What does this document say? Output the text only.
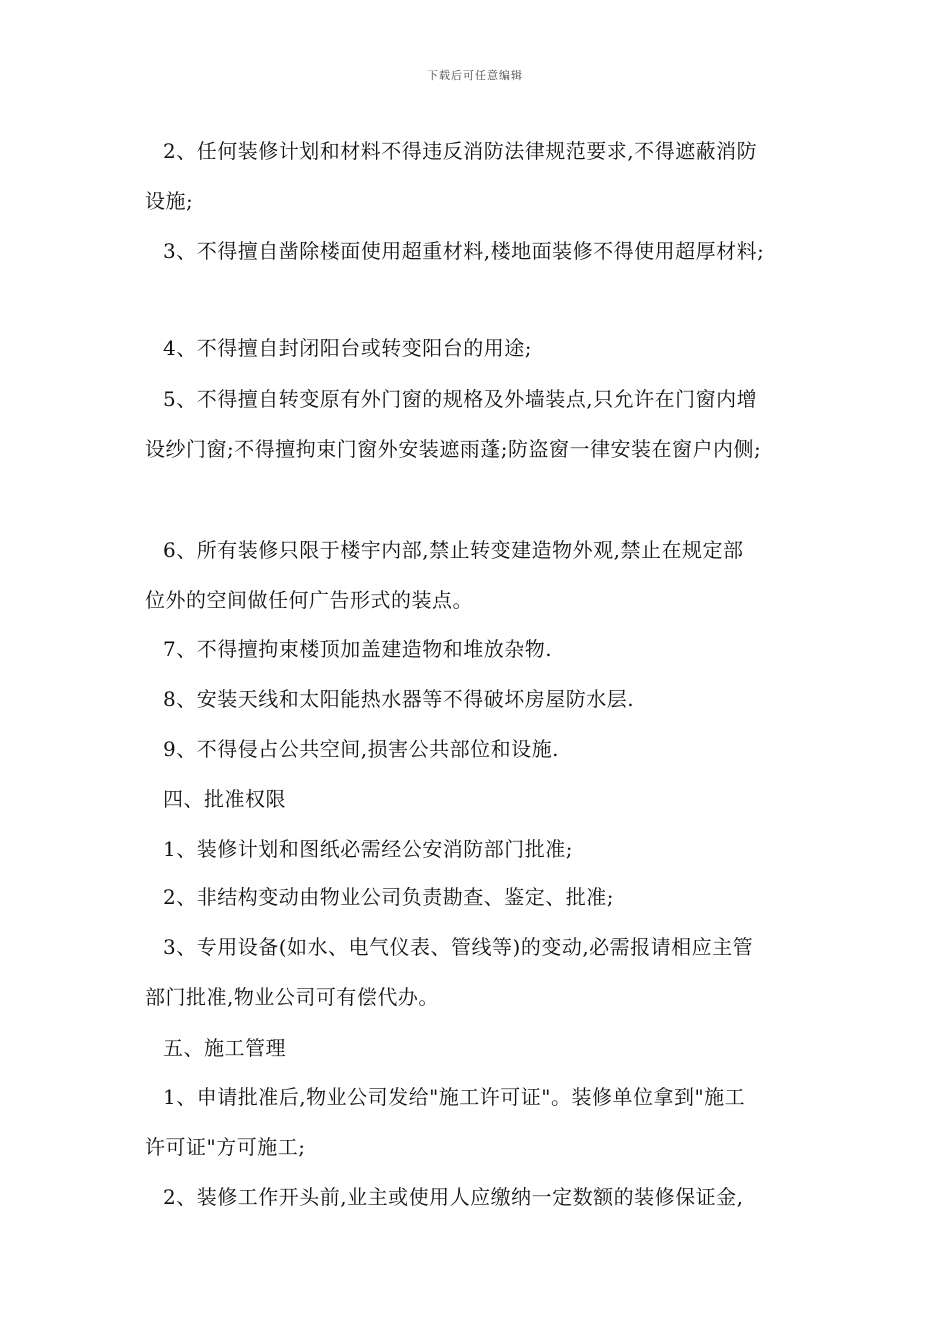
下载后可任意编辑
2、任何装修计划和材料不得违反消防法律规范要求,不得遮蔽消防
设施;
3、不得擅自凿除楼面使用超重材料,楼地面装修不得使用超厚材料;
4、不得擅自封闭阳台或转变阳台的用途;
5、不得擅自转变原有外门窗的规格及外墙装点,只允许在门窗内增
设纱门窗;不得擅拘束门窗外安装遮雨蓬;防盗窗一律安装在窗户内侧;
6、所有装修只限于楼宇内部,禁止转变建造物外观,禁止在规定部
位外的空间做任何广告形式的装点。
7、不得擅拘束楼顶加盖建造物和堆放杂物.
8、安装天线和太阳能热水器等不得破坏房屋防水层.
9、不得侵占公共空间,损害公共部位和设施.
四、批准权限
1、装修计划和图纸必需经公安消防部门批准;
2、非结构变动由物业公司负责勘查、鉴定、批准;
3、专用设备(如水、电气仪表、管线等)的变动,必需报请相应主管
部门批准,物业公司可有偿代办。
五、施工管理
1、申请批准后,物业公司发给"施工许可证"。装修单位拿到"施工
许可证"方可施工;
2、装修工作开头前,业主或使用人应缴纳一定数额的装修保证金,
